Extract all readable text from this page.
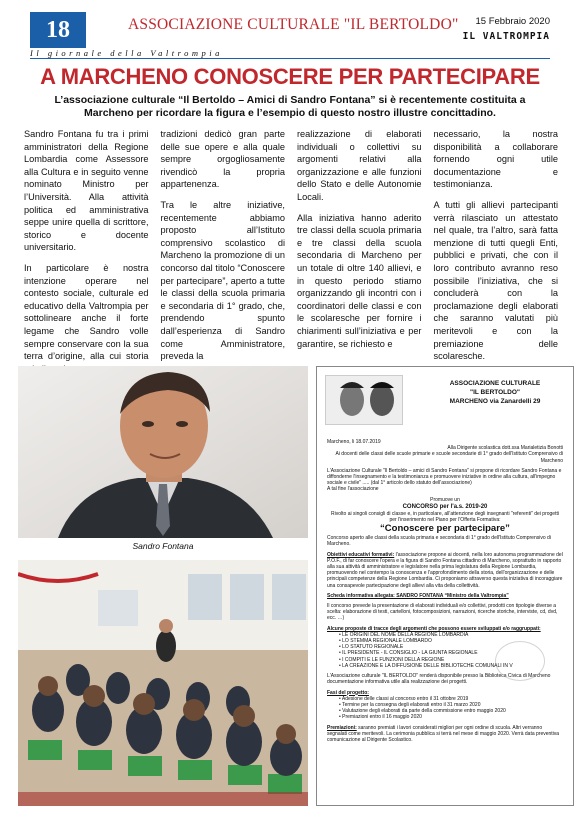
18	ASSOCIAZIONE CULTURALE "IL BERTOLDO" 15 Febbraio 2020
IL VALTROMPIA
Il giornale della Valtrompia
A MARCHENO CONOSCERE PER PARTECIPARE
L’associazione culturale “Il Bertoldo – Amici di Sandro Fontana” si è recentemente costituita a Marcheno per ricordare la figura e l’esempio di questo nostro illustre concittadino.

Sandro Fontana fu tra i primi amministratori della Regione Lombardia come Assessore alla Cultura e in seguito venne nominato Ministro per l’Università. Alla attività politica ed amministrativa seppe unire quella di scrittore, storico e docente universitario.

In particolare è nostra intenzione operare nel contesto sociale, culturale ed educativo della Valtrompia per sottolineare anche il forte legame che Sandro volle sempre conservare con la sua terra d’origine, alla cui storia

tradizioni dedicò gran parte delle sue opere e alla quale sempre orgogliosamente rivendicò la propria appartenenza.

Tra le altre iniziative, recentemente abbiamo proposto all’Istituto comprensivo scolastico di Marcheno la promozione di un concorso dal titolo “Conoscere per partecipare”, aperto a tutte le classi della scuola primaria e secondaria di 1° grado, che, prendendo spunto dall’esperienza di Sandro come Amministratore, preveda la

realizzazione di elaborati individuali o collettivi su argomenti relativi alla organizzazione e alle funzioni dello Stato e delle Autonomie Locali.

Alla iniziativa hanno aderito tre classi della scuola primaria e tre classi della scuola secondaria di Marcheno per un totale di oltre 140 allievi, e in questo periodo stiamo organizzando gli incontri con i coordinatori delle classi e con le scolaresche per fornire i chiarimenti sull’iniziativa e per garantire, se richiesto e

necessario, la nostra disponibilità a collaborare fornendo ogni utile documentazione e testimonianza.

A tutti gli allievi partecipanti verrà rilasciato un attestato nel quale, tra l’altro, sarà fatta menzione di tutti quegli Enti, pubblici e privati, che con il loro contributo avranno reso possibile l’iniziativa, che si concluderà con la proclamazione degli elaborati che saranno valutati più meritevoli e con la premiazione delle scolaresche.

Sandro Fontana
ASSOCIAZIONE CULTURALE
"IL BERTOLDO"
MARCHENO via Zanardelli 29
Marcheno, li 18.07.2019
Alla Dirigente scolastica dott.ssa Marialetizia Bonotti
Ai docenti delle classi delle scuole primarie e scuole secondarie di 1° grado dell'Istituto Comprensivo di Marcheno
L'Associazione Culturale "Il Bertoldo – amici di Sandro Fontana" si propone di ricordare Sandro Fontana e diffonderne l'insegnamento e la testimonianza e promuovere iniziative in ordine alla cultura, all'impegno sociale e civile" ..... (dal 1° articolo dello statuto dell'associazione)
A tal fine l'associazione
Promuove un
CONCORSO per l'a.s. 2019-20
Rivolto ai singoli consigli di classe e, in particolare, all'attenzione degli insegnanti "referenti" dei progetti per l'inserimento nel Piano per l'Offerta Formativa:
“Conoscere per partecipare”
Concorso aperto alle classi della scuola primaria e secondaria di 1° grado dell'Istituto Comprensivo di Marcheno.
Obiettivi educativi formativi: l'associazione propone ai docenti, nella loro autonoma programmazione del P.O.F., di far conoscere l'opera e la figura di Sandro Fontana cittadino di Marcheno, soprattutto in rapporto alla sua attività di amministratore e legislatore nella prima legislatura della Regione Lombardia, promuovendo nel contempo la conoscenza e l'approfondimento della storia, dell'organizzazione e delle principali competenze della Regione Lombardia. Ci proponiamo attraverso questa iniziativa di incoraggiare una consapevole partecipazione degli allievi alla vita della collettività.
Scheda informativa allegata: SANDRO FONTANA “Ministro della Valtrompia”
Il concorso prevede la presentazione di elaborati individuali e/o collettivi, prodotti con tipologie diverse a scelta: elaborazione di testi, cartelloni, fotocomposizioni, narrazioni, ricerche storiche, interviste, cd, dvd, ecc. …)
Alcune proposte di tracce degli argomenti che possono essere sviluppati e/o raggruppati:
• LE ORIGINI DEL NOME DELLA REGIONE LOMBARDIA
• LO STEMMA REGIONALE LOMBARDO
• LO STATUTO REGIONALE
• IL PRESIDENTE - IL CONSIGLIO - LA GIUNTA REGIONALE
• I COMPITI E LE FUNZIONI DELLA REGIONE
• LA CREAZIONE E LA DIFFUSIONE DELLE BIBLIOTECHE COMUNALI IN V
L'Associazione culturale "IL BERTOLDO" renderà disponibile presso la Biblioteca Civica di Marcheno documentazione informativa utile alla realizzazione dei progetti.
Fasi del progetto:
• Adesione delle classi al concorso entro il 31 ottobre 2019
• Termine per la consegna degli elaborati entro il 31 marzo 2020
• Valutazione degli elaborati da parte della commissione entro maggio 2020
• Premiazioni entro il 16 maggio 2020
Premiazioni: saranno premiati i lavori considerati migliori per ogni ordine di scuola. Altri verranno segnalati come meritevoli. La cerimonia pubblica si terrà nel mese di maggio 2020. Verrà data preventiva comunicazione al Dirigente Scolastico.
